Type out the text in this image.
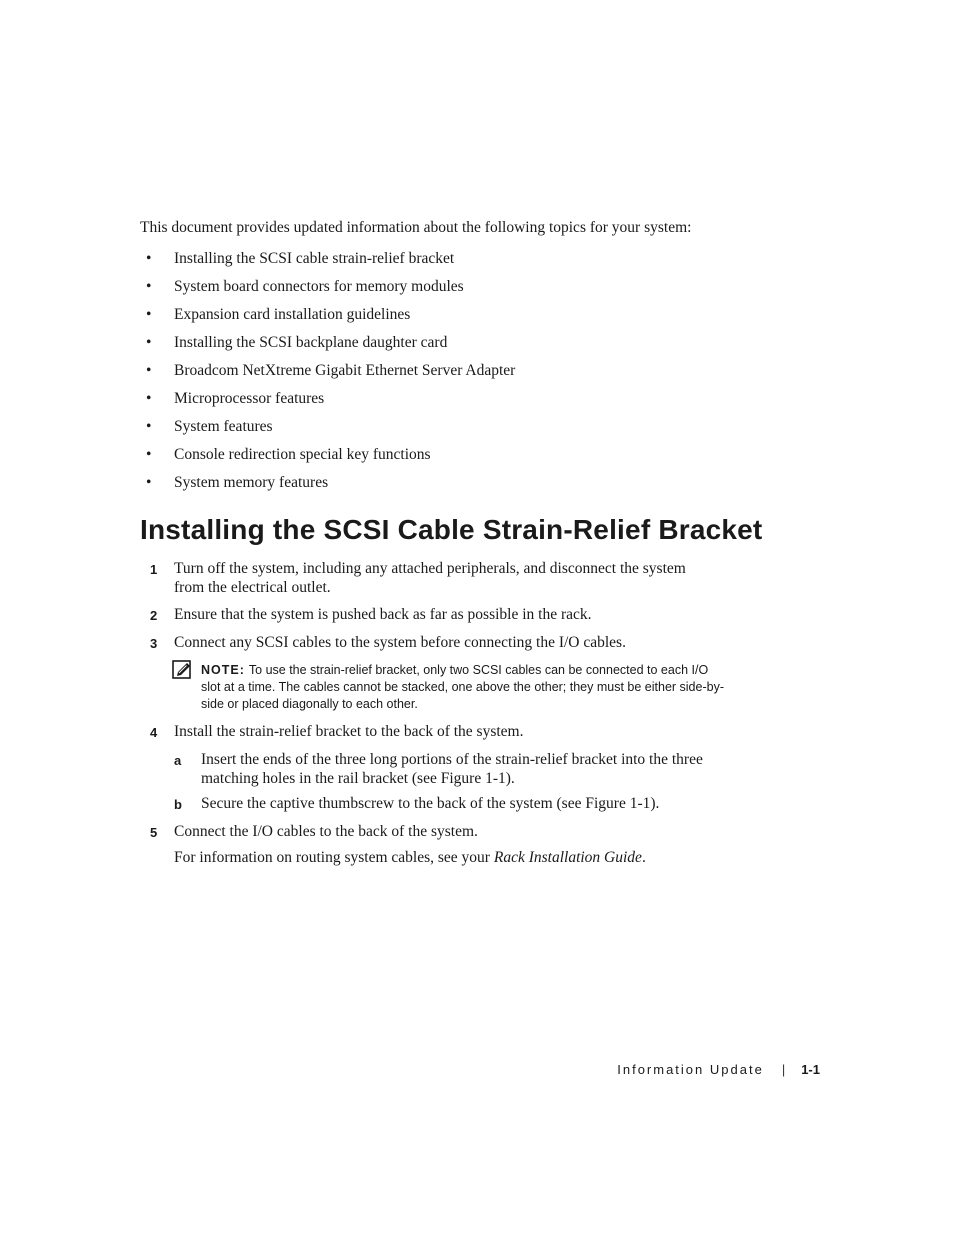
This document provides updated information about the following topics for your system:

• Installing the SCSI cable strain-relief bracket
• System board connectors for memory modules
• Expansion card installation guidelines
• Installing the SCSI backplane daughter card
• Broadcom NetXtreme Gigabit Ethernet Server Adapter
• Microprocessor features
• System features
• Console redirection special key functions
• System memory features
Installing the SCSI Cable Strain-Relief Bracket
1 Turn off the system, including any attached peripherals, and disconnect the system from the electrical outlet.
2 Ensure that the system is pushed back as far as possible in the rack.
3 Connect any SCSI cables to the system before connecting the I/O cables.
NOTE: To use the strain-relief bracket, only two SCSI cables can be connected to each I/O slot at a time. The cables cannot be stacked, one above the other; they must be either side-by-side or placed diagonally to each other.
4 Install the strain-relief bracket to the back of the system.
a Insert the ends of the three long portions of the strain-relief bracket into the three matching holes in the rail bracket (see Figure 1-1).
b Secure the captive thumbscrew to the back of the system (see Figure 1-1).
5 Connect the I/O cables to the back of the system.

For information on routing system cables, see your Rack Installation Guide.

Information Update | 1-1
